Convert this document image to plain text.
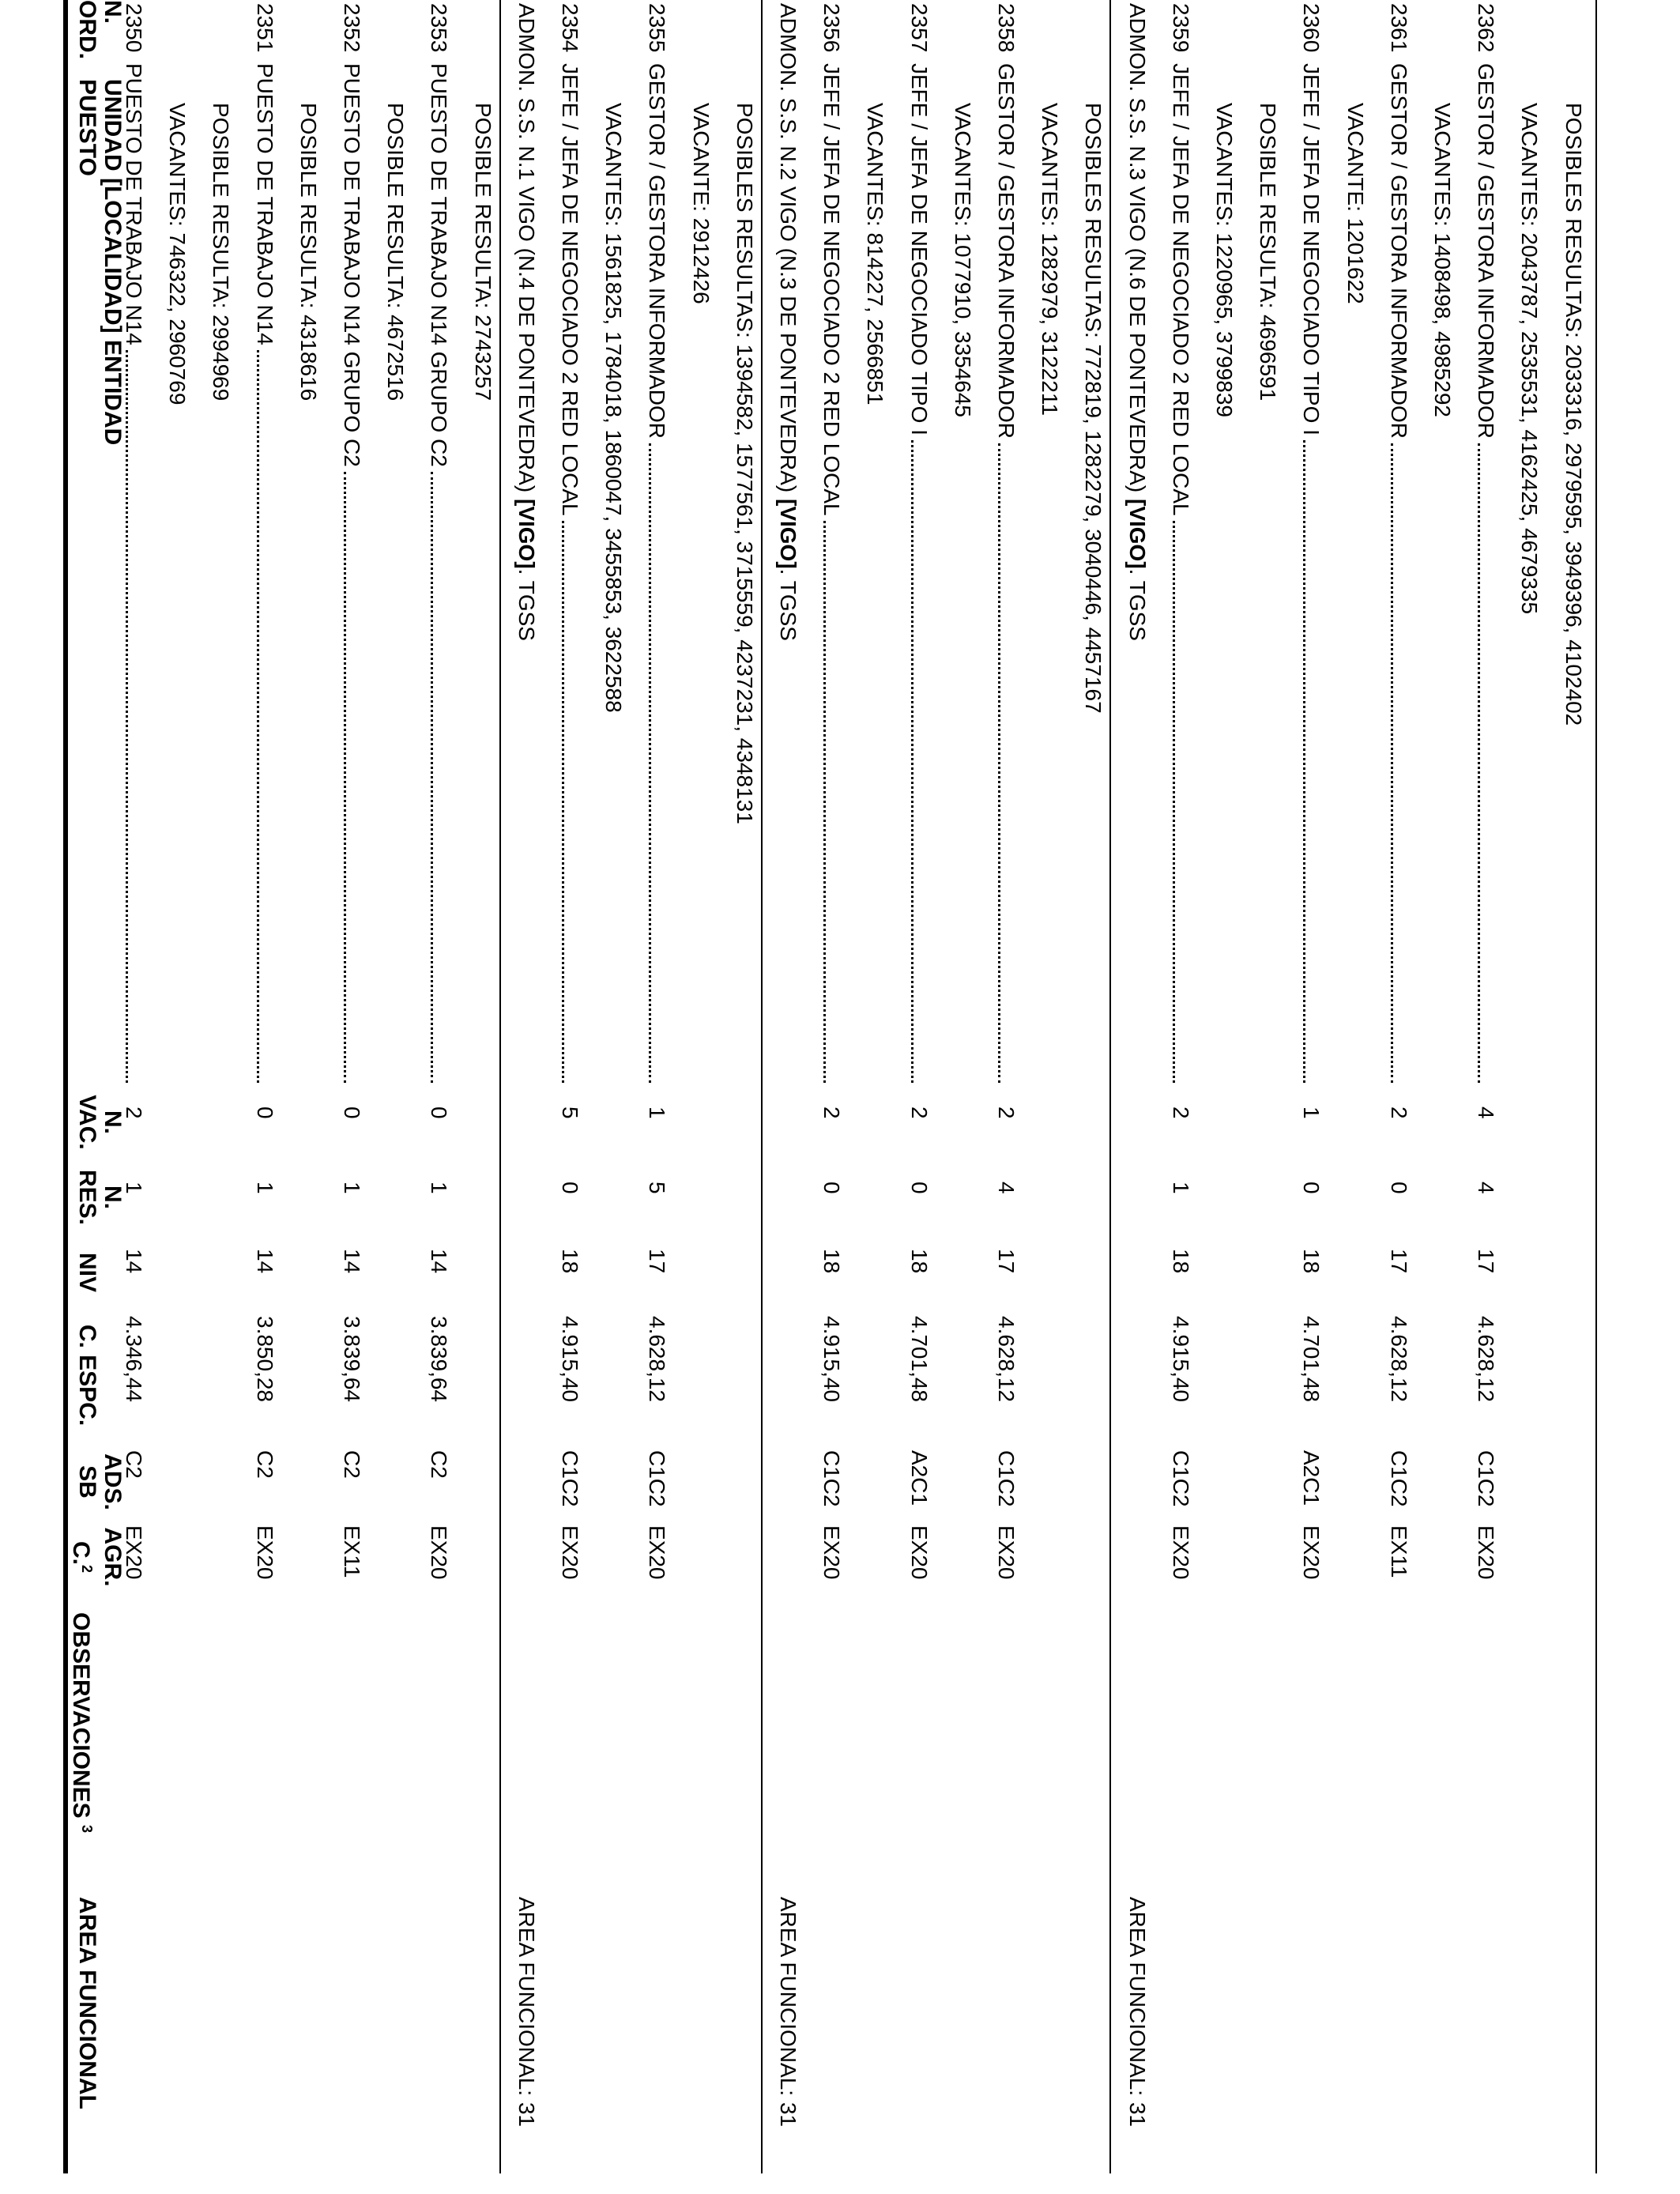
N.
ORD.
UNIDAD [LOCALIDAD] ENTIDAD
PUESTO
N.
VAC.
N.
RES.
NIV
C. ESPC.
ADS.
SB
AGR.
C.$^2$
OBSERVACIONES $^3$
AREA FUNCIONAL
2350
PUESTO DE TRABAJO N14
2
1
14
4.346,44
C2
EX20
VACANTES: 746322, 2960769 POSIBLE RESULTA: 2994969
2351
PUESTO DE TRABAJO N14
0
1
14
3.850,28
C2
EX20
POSIBLE RESULTA: 4318616
2352
PUESTO DE TRABAJO N14 GRUPO C2
0
1
14
3.839,64
C2
EX11
POSIBLE RESULTA: 4672516
2353
PUESTO DE TRABAJO N14 GRUPO C2
0
1
14
3.839,64
C2
EX20
POSIBLE RESULTA: 2743257 ADMON. S.S. N.1 VIGO (N.4 DE PONTEVEDRA) [VIGO]. TGSS
AREA FUNCIONAL: 31
2354
JEFE / JEFA DE NEGOCIADO 2 RED LOCAL
5
0
18
4.915,40
C1C2
EX20
VACANTES: 1561825, 1784018, 1860047, 3455853, 3622588
2355
GESTOR / GESTORA INFORMADOR
1
5
17
4.628,12
C1C2
EX20
VACANTE: 2912426 POSIBLES RESULTAS: 1394582, 1577561, 3715559, 4237231, 4348131 ADMON. S.S. N.2 VIGO (N.3 DE PONTEVEDRA) [VIGO]. TGSS
AREA FUNCIONAL: 31
2356
JEFE / JEFA DE NEGOCIADO 2 RED LOCAL
2
0
18
4.915,40
C1C2
EX20
VACANTES: 814227, 2566851
2357
JEFE / JEFA DE NEGOCIADO TIPO I
2
0
18
4.701,48
A2C1
EX20
VACANTES: 1077910, 3354645
2358
GESTOR / GESTORA INFORMADOR
2
4
17
4.628,12
C1C2
EX20
VACANTES: 1282979, 3122211 POSIBLES RESULTAS: 772819, 1282279, 3040446, 4457167 ADMON. S.S. N.3 VIGO (N.6 DE PONTEVEDRA) [VIGO]. TGSS
AREA FUNCIONAL: 31
2359
JEFE / JEFA DE NEGOCIADO 2 RED LOCAL
2
1
18
4.915,40
C1C2
EX20
VACANTES: 1220965, 3799839 POSIBLE RESULTA: 4696591
2360
JEFE / JEFA DE NEGOCIADO TIPO I
1
0
18
4.701,48
A2C1
EX20
VACANTE: 1201622
2361
GESTOR / GESTORA INFORMADOR
2
0
17
4.628,12
C1C2
EX11
VACANTES: 1408498, 4985292
2362
GESTOR / GESTORA INFORMADOR
4
4
17
4.628,12
C1C2
EX20
VACANTES: 2043787, 2535531, 4162425, 4679335 POSIBLES RESULTAS: 2033316, 2979595, 3949396, 4102402
